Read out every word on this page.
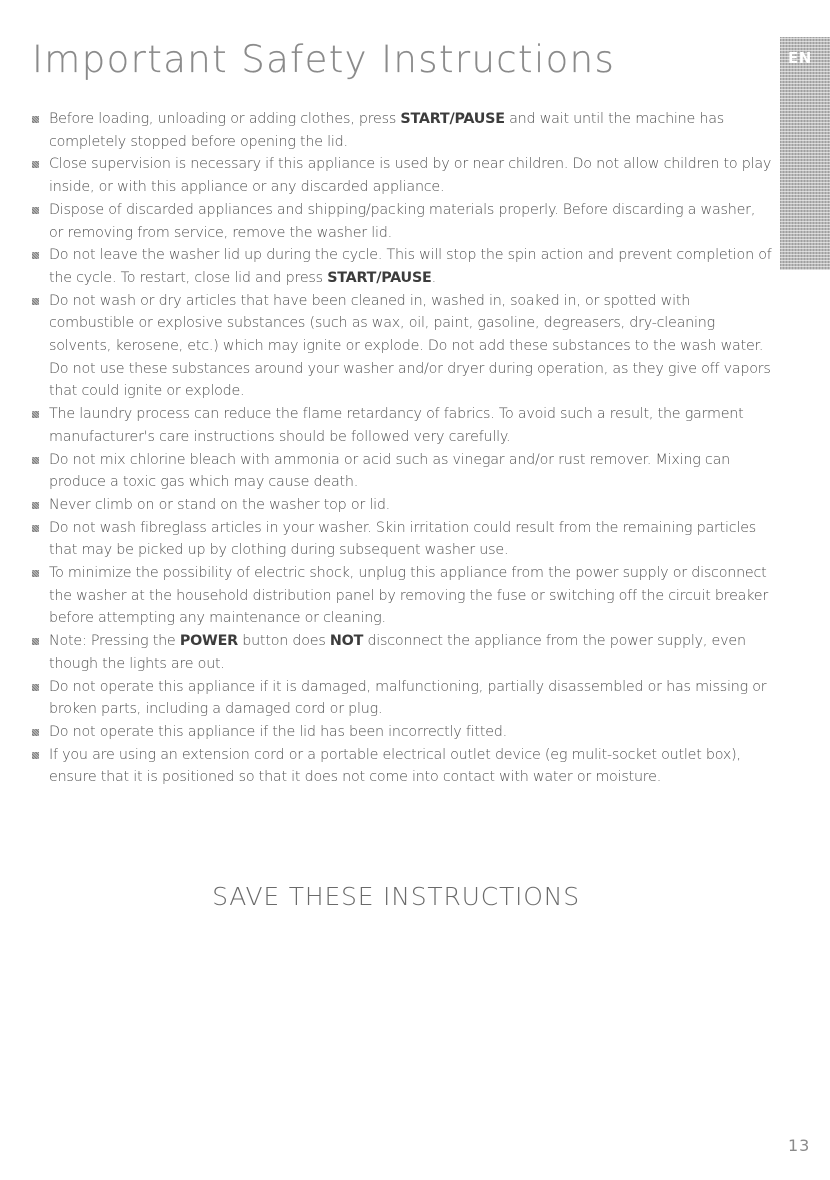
Important Safety Instructions	EN
Before loading, unloading or adding clothes, press START/PAUSE and wait until the machine has completely stopped before opening the lid.
Close supervision is necessary if this appliance is used by or near children. Do not allow children to play inside, or with this appliance or any discarded appliance.
Dispose of discarded appliances and shipping/packing materials properly. Before discarding a washer, or removing from service, remove the washer lid.
Do not leave the washer lid up during the cycle. This will stop the spin action and prevent completion of the cycle. To restart, close lid and press START/PAUSE.
Do not wash or dry articles that have been cleaned in, washed in, soaked in, or spotted with combustible or explosive substances (such as wax, oil, paint, gasoline, degreasers, dry-cleaning solvents, kerosene, etc.) which may ignite or explode. Do not add these substances to the wash water. Do not use these substances around your washer and/or dryer during operation, as they give off vapors that could ignite or explode.
The laundry process can reduce the flame retardancy of fabrics. To avoid such a result, the garment manufacturer's care instructions should be followed very carefully.
Do not mix chlorine bleach with ammonia or acid such as vinegar and/or rust remover. Mixing can produce a toxic gas which may cause death.
Never climb on or stand on the washer top or lid.
Do not wash fibreglass articles in your washer. Skin irritation could result from the remaining particles that may be picked up by clothing during subsequent washer use.
To minimize the possibility of electric shock, unplug this appliance from the power supply or disconnect the washer at the household distribution panel by removing the fuse or switching off the circuit breaker before attempting any maintenance or cleaning.
Note: Pressing the POWER button does NOT disconnect the appliance from the power supply, even though the lights are out.
Do not operate this appliance if it is damaged, malfunctioning, partially disassembled or has missing or broken parts, including a damaged cord or plug.
Do not operate this appliance if the lid has been incorrectly fitted.
If you are using an extension cord or a portable electrical outlet device (eg mulit-socket outlet box), ensure that it is positioned so that it does not come into contact with water or moisture.
SAVE THESE INSTRUCTIONS
13
